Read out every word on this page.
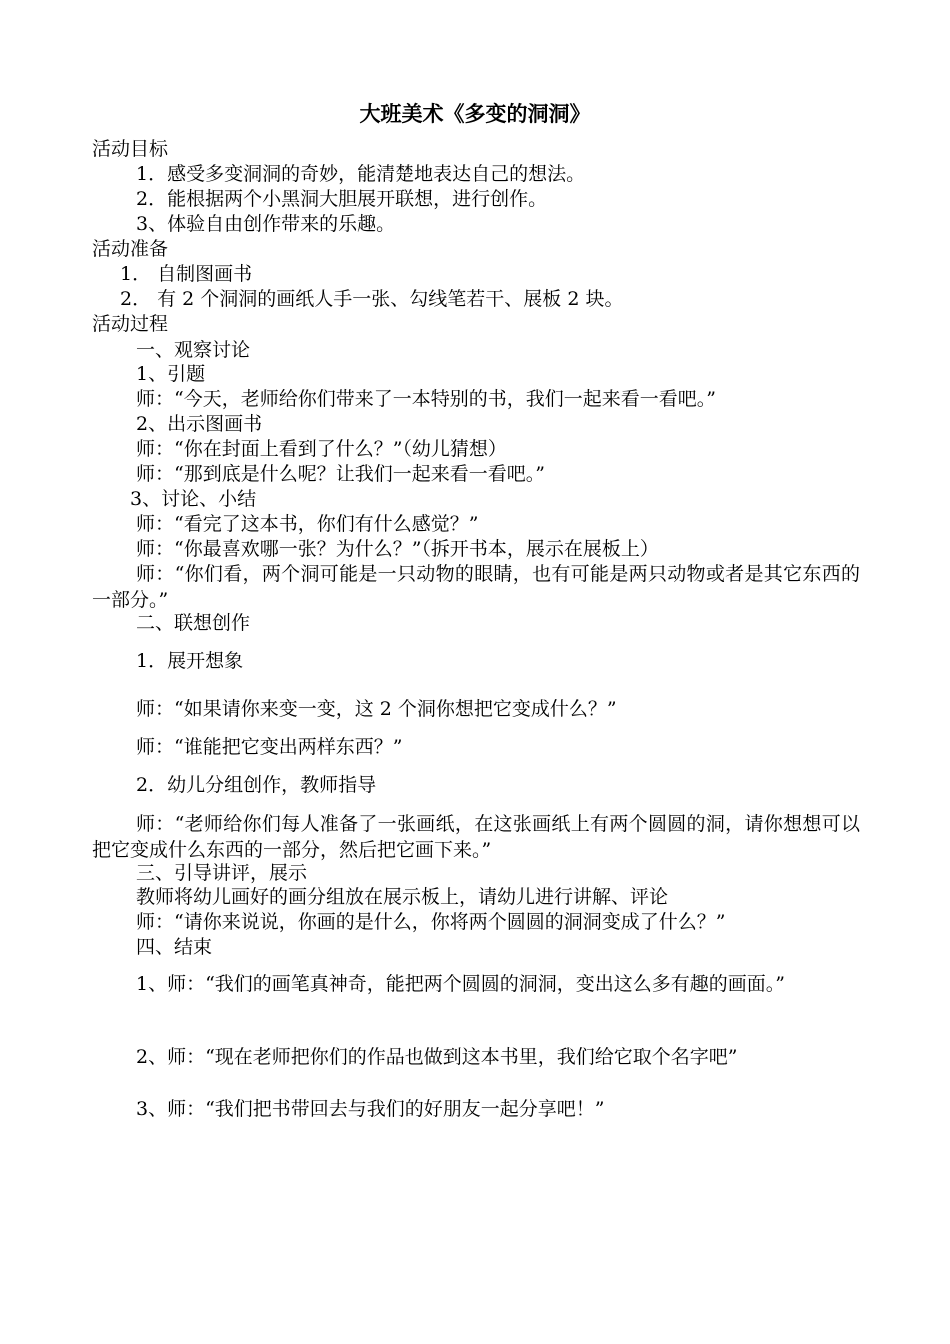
大班美术《多变的洞洞》

活动目标

1．感受多变洞洞的奇妙，能清楚地表达自己的想法。

2．能根据两个小黑洞大胆展开联想，进行创作。

3、体验自由创作带来的乐趣。

活动准备

1． 自制图画书

2． 有 2 个洞洞的画纸人手一张、勾线笔若干、展板 2 块。

活动过程

一、观察讨论

1、引题

师：“今天，老师给你们带来了一本特别的书，我们一起来看一看吧。”

2、出示图画书

师：“你在封面上看到了什么？”（幼儿猜想）

师：“那到底是什么呢？让我们一起来看一看吧。”

3、讨论、小结

师：“看完了这本书，你们有什么感觉？”

师：“你最喜欢哪一张？为什么？”（拆开书本，展示在展板上）

师：“你们看，两个洞可能是一只动物的眼睛，也有可能是两只动物或者是其它东西的一部分。”

二、联想创作

1．展开想象

师：“如果请你来变一变，这 2 个洞你想把它变成什么？”

师：“谁能把它变出两样东西？”

2．幼儿分组创作，教师指导

师：“老师给你们每人准备了一张画纸，在这张画纸上有两个圆圆的洞，请你想想可以把它变成什么东西的一部分，然后把它画下来。”

三、引导讲评，展示

教师将幼儿画好的画分组放在展示板上，请幼儿进行讲解、评论

师：“请你来说说，你画的是什么，你将两个圆圆的洞洞变成了什么？”

四、结束

1、师：“我们的画笔真神奇，能把两个圆圆的洞洞，变出这么多有趣的画面。”

2、师：“现在老师把你们的作品也做到这本书里，我们给它取个名字吧”

3、师：“我们把书带回去与我们的好朋友一起分享吧！”
